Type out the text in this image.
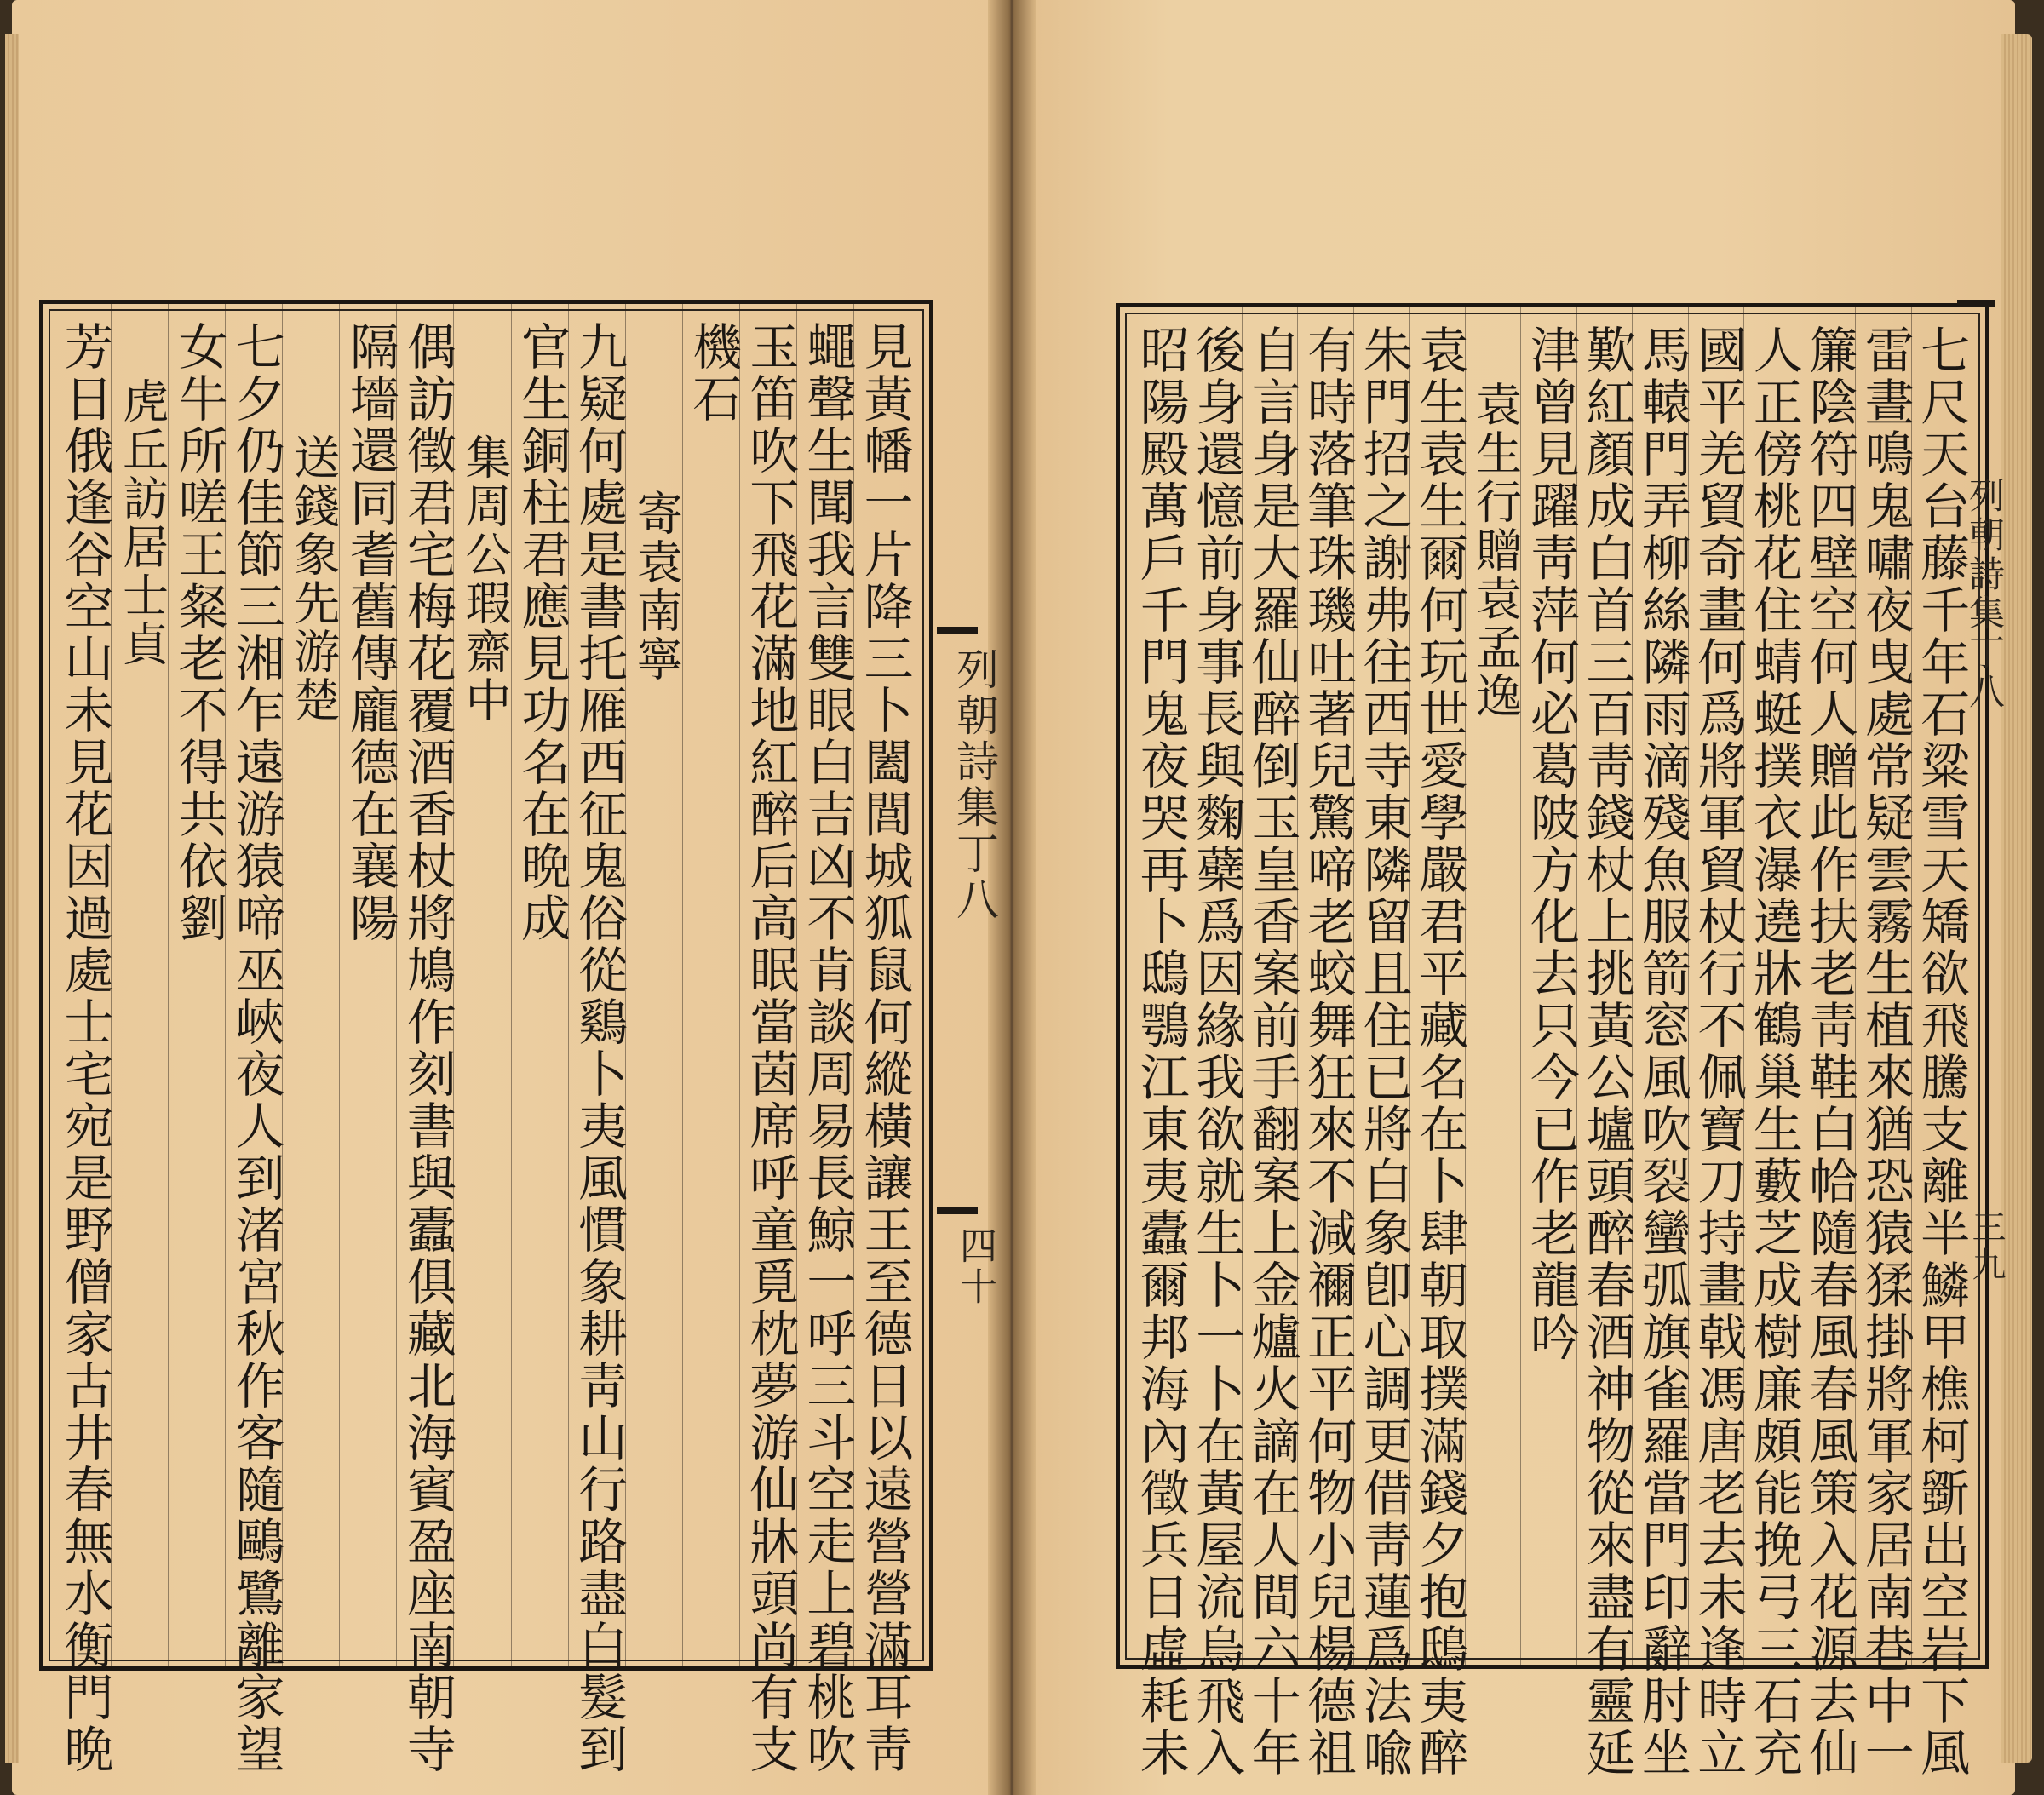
見黃幡一片降三卜闔閭城狐鼠何縱橫讓王至德日以遠營營滿耳靑
蠅聲生聞我言雙眼白吉凶不肯談周易長鯨一呼三斗空走上碧桃吹
玉笛吹下飛花滿地紅醉后高眠當茵席呼童覓枕夢游仙牀頭尚有支
機石
寄袁南寧
九疑何處是書托雁西征鬼俗從鷄卜夷風慣象耕靑山行路盡白髮到
官生銅柱君應見功名在晩成
集周公瑕齋中
偶訪徵君宅梅花覆酒香杖將鳩作刻書與蠹俱藏北海賓盈座南朝寺
隔墻還同耆舊傳龐德在襄陽
送錢象先游楚
七夕仍佳節三湘乍遠游猿啼巫峽夜人到渚宮秋作客隨鷗鷺離家望
女牛所嗟王粲老不得共依劉
虎丘訪居士貞
芳日俄逢谷空山未見花因過處士宅宛是野僧家古井春無水衡門晩	列朝詩集丁八
四十	七尺天台藤千年石粱雪天矯欲飛騰支離半鱗甲樵柯斵出空岩下風
雷晝鳴鬼嘯夜曳處常疑雲霧生植來猶恐猿猱掛將軍家居南巷中一
簾陰符四壁空何人贈此作扶老靑鞋白帢隨春風春風策入花源去仙
人正傍桃花住蜻蜓撲衣瀑遶牀鶴巢生藪芝成樹廉頗能挽弓三石充
國平羌貿奇畫何爲將軍貿杖行不佩寶刀持畫戟馮唐老去未逢時立
馬轅門弄柳絲隣雨滴殘魚服箭窓風吹裂蠻弧旗雀羅當門印辭肘坐
歎紅顏成白首三百靑錢杖上挑黃公壚頭醉春酒神物從來盡有靈延
津曾見躍靑萍何必葛陂方化去只今已作老龍吟
袁生行贈袁孟逸
袁生袁生爾何玩世愛學嚴君平藏名在卜肆朝取撲滿錢夕抱鴟夷醉
朱門招之謝弗往西寺東隣留且住已將白象卽心調更借靑蓮爲法喩
有時落筆珠璣吐著兒驚啼老蛟舞狂來不減禰正平何物小兒楊德祖
自言身是大羅仙醉倒玉皇香案前手翻案上金爐火謫在人間六十年
後身還憶前身事長與麴蘗爲因緣我欲就生卜一卜在黃屋流烏飛入
昭陽殿萬戶千門鬼夜哭再卜鴟鶚江東夷蠹爾邦海內徵兵日虛耗未	列朝詩集丁八
三九
